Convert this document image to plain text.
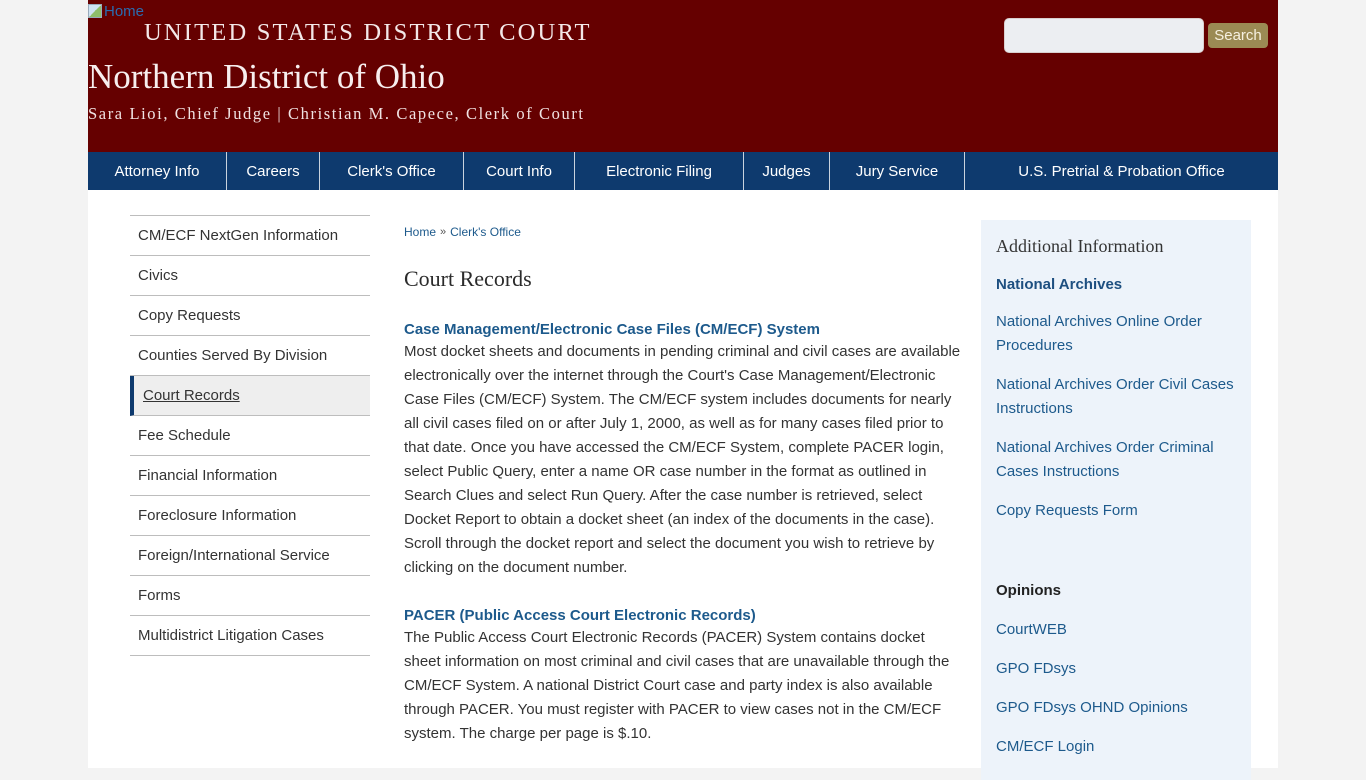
Home
UNITED STATES DISTRICT COURT
Northern District of Ohio
Sara Lioi, Chief Judge | Christian M. Capece, Clerk of Court
Search
Attorney Info	Careers	Clerk's Office	Court Info	Electronic Filing	Judges	Jury Service	U.S. Pretrial & Probation Office
CM/ECF NextGen Information
Civics
Copy Requests
Counties Served By Division
Court Records
Fee Schedule
Financial Information
Foreclosure Information
Foreign/International Service
Forms
Multidistrict Litigation Cases
Home » Clerk's Office
Court Records
Case Management/Electronic Case Files (CM/ECF) System

Most docket sheets and documents in pending criminal and civil cases are available electronically over the internet through the Court's Case Management/Electronic Case Files (CM/ECF) System. The CM/ECF system includes documents for nearly all civil cases filed on or after July 1, 2000, as well as for many cases filed prior to that date. Once you have accessed the CM/ECF System, complete PACER login, select Public Query, enter a name OR case number in the format as outlined in Search Clues and select Run Query. After the case number is retrieved, select Docket Report to obtain a docket sheet (an index of the documents in the case). Scroll through the docket report and select the document you wish to retrieve by clicking on the document number.

PACER (Public Access Court Electronic Records)

The Public Access Court Electronic Records (PACER) System contains docket sheet information on most criminal and civil cases that are unavailable through the CM/ECF System. A national District Court case and party index is also available through PACER. You must register with PACER to view cases not in the CM/ECF system. The charge per page is $.10.

Additional Information
National Archives
National Archives Online Order Procedures
National Archives Order Civil Cases Instructions
National Archives Order Criminal Cases Instructions
Copy Requests Form
Opinions
CourtWEB
GPO FDsys
GPO FDsys OHND Opinions
CM/ECF Login
